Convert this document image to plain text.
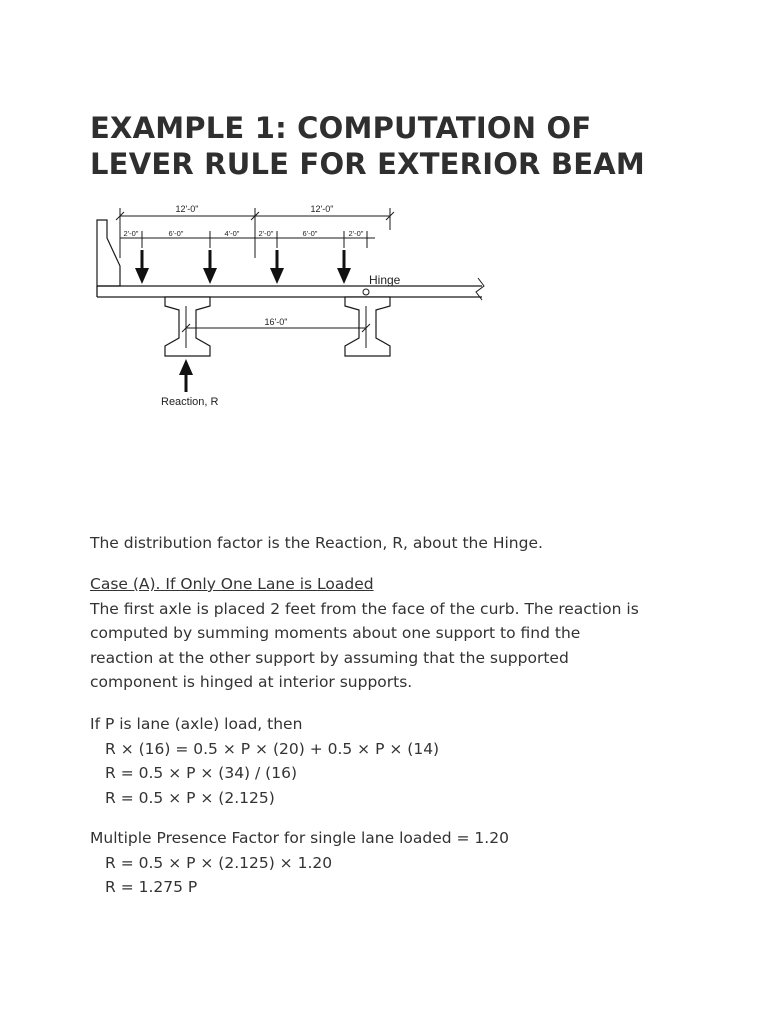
EXAMPLE 1: COMPUTATION OF
LEVER RULE FOR EXTERIOR BEAM
12'-0"	12'-0"
2'-0"	6'-0"	4'-0"	2'-0"	6'-0"	2'-0"
Hinge
16'-0"
Reaction, R

The distribution factor is the Reaction, R, about the Hinge.

Case (A). If Only One Lane is Loaded
The first axle is placed 2 feet from the face of the curb. The reaction is
computed by summing moments about one support to find the
reaction at the other support by assuming that the supported
component is hinged at interior supports.
If P is lane (axle) load, then
R × (16) = 0.5 × P × (20) + 0.5 × P × (14)
R = 0.5 × P × (34) / (16)
R = 0.5 × P × (2.125)
Multiple Presence Factor for single lane loaded = 1.20
R = 0.5 × P × (2.125) × 1.20
R = 1.275 P
